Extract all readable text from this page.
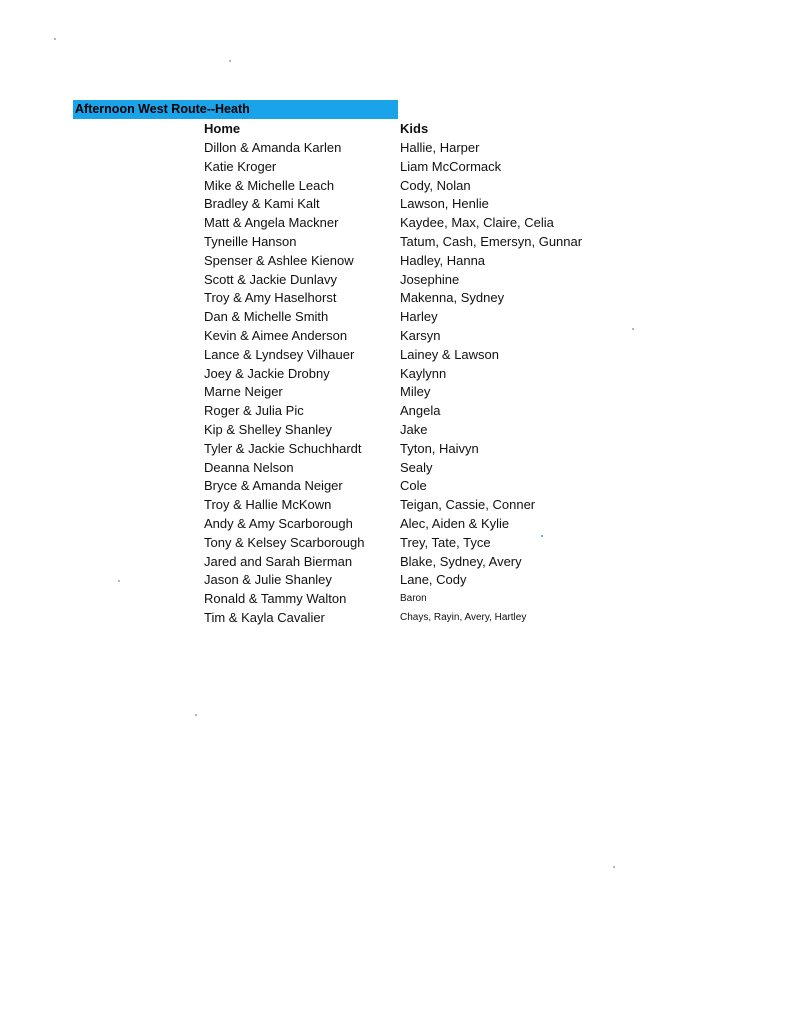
Afternoon West Route--Heath
Home	Kids
Dillon & Amanda Karlen	Hallie, Harper
Katie Kroger	Liam McCormack
Mike & Michelle Leach	Cody, Nolan
Bradley & Kami Kalt	Lawson, Henlie
Matt & Angela Mackner	Kaydee, Max, Claire, Celia
Tyneille Hanson	Tatum, Cash, Emersyn, Gunnar
Spenser & Ashlee Kienow	Hadley, Hanna
Scott & Jackie Dunlavy	Josephine
Troy & Amy Haselhorst	Makenna, Sydney
Dan & Michelle Smith	Harley
Kevin & Aimee Anderson	Karsyn
Lance & Lyndsey Vilhauer	Lainey & Lawson
Joey & Jackie Drobny	Kaylynn
Marne Neiger	Miley
Roger & Julia Pic	Angela
Kip & Shelley Shanley	Jake
Tyler & Jackie Schuchhardt	Tyton, Haivyn
Deanna Nelson	Sealy
Bryce & Amanda Neiger	Cole
Troy & Hallie McKown	Teigan, Cassie, Conner
Andy & Amy Scarborough	Alec, Aiden & Kylie
Tony & Kelsey Scarborough	Trey, Tate, Tyce
Jared and Sarah Bierman	Blake, Sydney, Avery
Jason & Julie Shanley	Lane, Cody
Ronald & Tammy Walton	Baron
Tim & Kayla Cavalier	Chays, Rayin, Avery, Hartley
